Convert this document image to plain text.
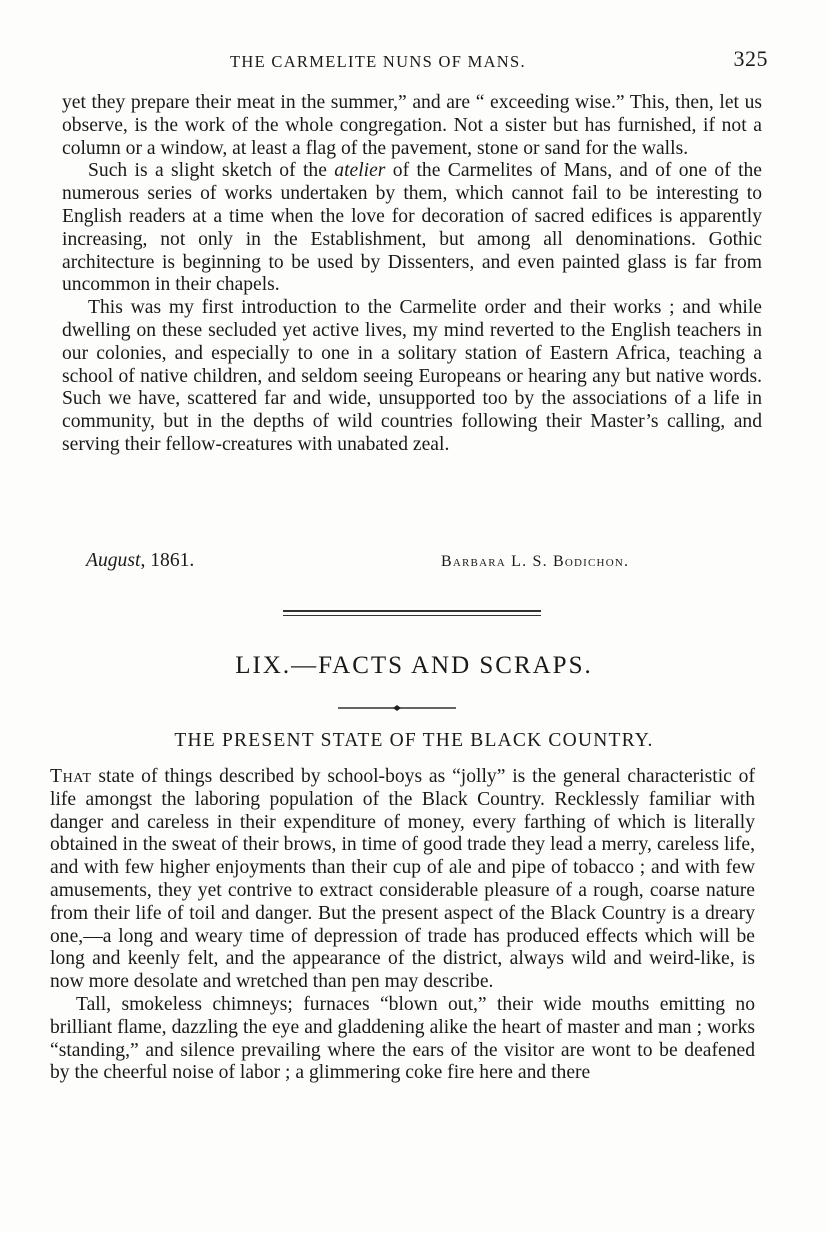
THE CARMELITE NUNS OF MANS.	325

yet they prepare their meat in the summer,” and are “ exceeding wise.” This, then, let us observe, is the work of the whole congregation. Not a sister but has furnished, if not a column or a window, at least a flag of the pavement, stone or sand for the walls.

Such is a slight sketch of the atelier of the Carmelites of Mans, and of one of the numerous series of works undertaken by them, which cannot fail to be interesting to English readers at a time when the love for decoration of sacred edifices is apparently increasing, not only in the Establishment, but among all denominations. Gothic architecture is beginning to be used by Dissenters, and even painted glass is far from uncommon in their chapels.

This was my first introduction to the Carmelite order and their works ; and while dwelling on these secluded yet active lives, my mind reverted to the English teachers in our colonies, and especially to one in a solitary station of Eastern Africa, teaching a school of native children, and seldom seeing Europeans or hearing any but native words. Such we have, scattered far and wide, unsupported too by the associations of a life in community, but in the depths of wild countries following their Master’s calling, and serving their fellow-creatures with unabated zeal.

August, 1861.	Barbara L. S. Bodichon.
LIX.—FACTS AND SCRAPS.
THE PRESENT STATE OF THE BLACK COUNTRY.

That state of things described by school-boys as “jolly” is the general characteristic of life amongst the laboring population of the Black Country. Recklessly familiar with danger and careless in their expenditure of money, every farthing of which is literally obtained in the sweat of their brows, in time of good trade they lead a merry, careless life, and with few higher enjoyments than their cup of ale and pipe of tobacco ; and with few amusements, they yet contrive to extract considerable pleasure of a rough, coarse nature from their life of toil and danger. But the present aspect of the Black Country is a dreary one,—a long and weary time of depression of trade has produced effects which will be long and keenly felt, and the appearance of the district, always wild and weird-like, is now more desolate and wretched than pen may describe.

Tall, smokeless chimneys; furnaces “blown out,” their wide mouths emitting no brilliant flame, dazzling the eye and gladdening alike the heart of master and man ; works “standing,” and silence prevailing where the ears of the visitor are wont to be deafened by the cheerful noise of labor ; a glimmering coke fire here and there
